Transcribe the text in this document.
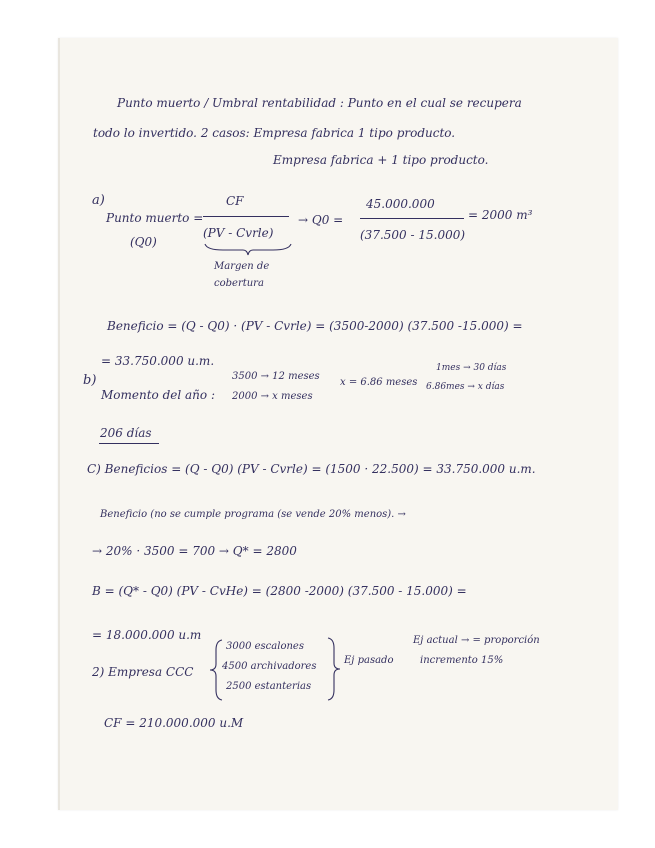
Punto muerto / Umbral rentabilidad : Punto en el cual se recupera
todo lo invertido. 2 casos: Empresa fabrica 1 tipo producto.
Empresa fabrica + 1 tipo producto.
a)
Punto muerto =
(Q0)
CF
(PV - Cvrle)
Margen de
cobertura
→ Q0 =
45.000.000
(37.500 - 15.000)
= 2000 m³
Beneficio = (Q - Q0) · (PV - Cvrle) = (3500-2000) (37.500 -15.000) =
= 33.750.000 u.m.
b)
Momento del año :
3500 → 12 meses
2000 → x meses
x = 6.86 meses
1mes → 30 días
6.86mes → x días
206 días
C) Beneficios = (Q - Q0) (PV - Cvrle) = (1500 · 22.500) = 33.750.000 u.m.
Beneficio (no se cumple programa (se vende 20% menos). →
→ 20% · 3500 = 700 → Q* = 2800
B = (Q* - Q0) (PV - CvHe) = (2800 -2000) (37.500 - 15.000) =
= 18.000.000 u.m
2) Empresa CCC
3000 escalones
4500 archivadores
2500 estanterias
Ej pasado
Ej actual → = proporción
incremento 15%
CF = 210.000.000 u.M
